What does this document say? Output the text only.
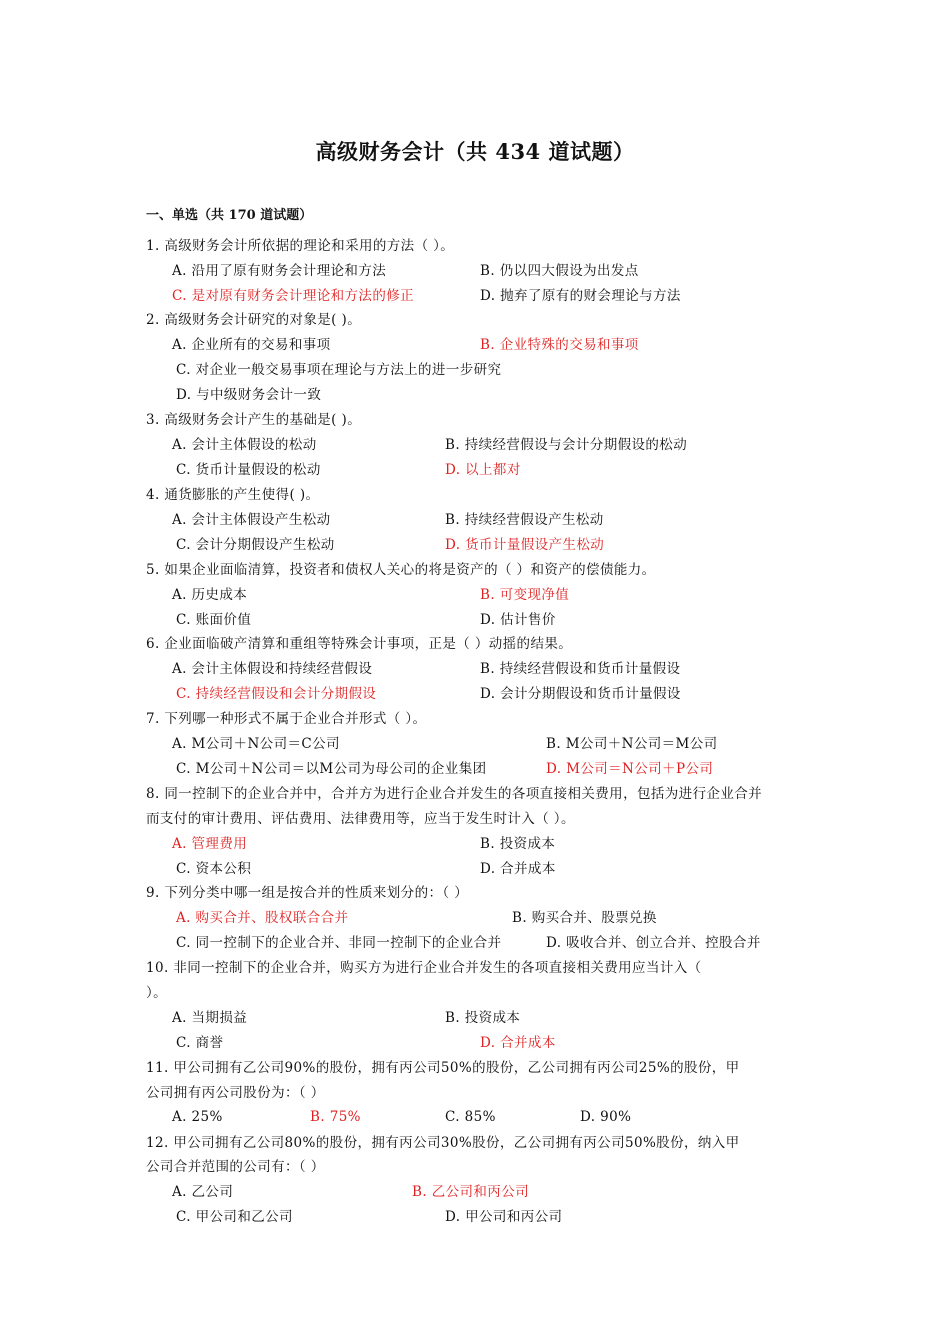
高级财务会计（共 434 道试题）
一、单选（共 170 道试题）
1. 高级财务会计所依据的理论和采用的方法（ ）。
A. 沿用了原有财务会计理论和方法	B. 仍以四大假设为出发点
C. 是对原有财务会计理论和方法的修正	D. 抛弃了原有的财会理论与方法
2. 高级财务会计研究的对象是( )。
A. 企业所有的交易和事项	B. 企业特殊的交易和事项
C. 对企业一般交易事项在理论与方法上的进一步研究
D. 与中级财务会计一致
3. 高级财务会计产生的基础是( )。
A. 会计主体假设的松动	B. 持续经营假设与会计分期假设的松动
C. 货币计量假设的松动	D. 以上都对
4. 通货膨胀的产生使得( )。
A. 会计主体假设产生松动	B. 持续经营假设产生松动
C. 会计分期假设产生松动	D. 货币计量假设产生松动
5. 如果企业面临清算，投资者和债权人关心的将是资产的（ ）和资产的偿债能力。
A. 历史成本	B. 可变现净值
C. 账面价值	D. 估计售价
6. 企业面临破产清算和重组等特殊会计事项，正是（ ）动摇的结果。
A. 会计主体假设和持续经营假设	B. 持续经营假设和货币计量假设
C. 持续经营假设和会计分期假设	D. 会计分期假设和货币计量假设
7. 下列哪一种形式不属于企业合并形式（ ）。
A. M公司＋N公司＝C公司	B. M公司＋N公司＝M公司
C. M公司＋N公司＝以M公司为母公司的企业集团	D. M公司＝N公司＋P公司
8. 同一控制下的企业合并中，合并方为进行企业合并发生的各项直接相关费用，包括为进行企业合并
而支付的审计费用、评估费用、法律费用等，应当于发生时计入（ ）。
A. 管理费用	B. 投资成本
C. 资本公积	D. 合并成本
9. 下列分类中哪一组是按合并的性质来划分的：（ ）
A. 购买合并、股权联合合并	B. 购买合并、股票兑换
C. 同一控制下的企业合并、非同一控制下的企业合并	D. 吸收合并、创立合并、控股合并
10. 非同一控制下的企业合并，购买方为进行企业合并发生的各项直接相关费用应当计入（
）。
A. 当期损益	B. 投资成本
C. 商誉	D. 合并成本
11. 甲公司拥有乙公司90%的股份，拥有丙公司50%的股份，乙公司拥有丙公司25%的股份，甲
公司拥有丙公司股份为：（ ）
A. 25%	B. 75%	C. 85%	D. 90%
12. 甲公司拥有乙公司80%的股份，拥有丙公司30%股份，乙公司拥有丙公司50%股份，纳入甲
公司合并范围的公司有：（ ）
A. 乙公司	B. 乙公司和丙公司
C. 甲公司和乙公司	D. 甲公司和丙公司
